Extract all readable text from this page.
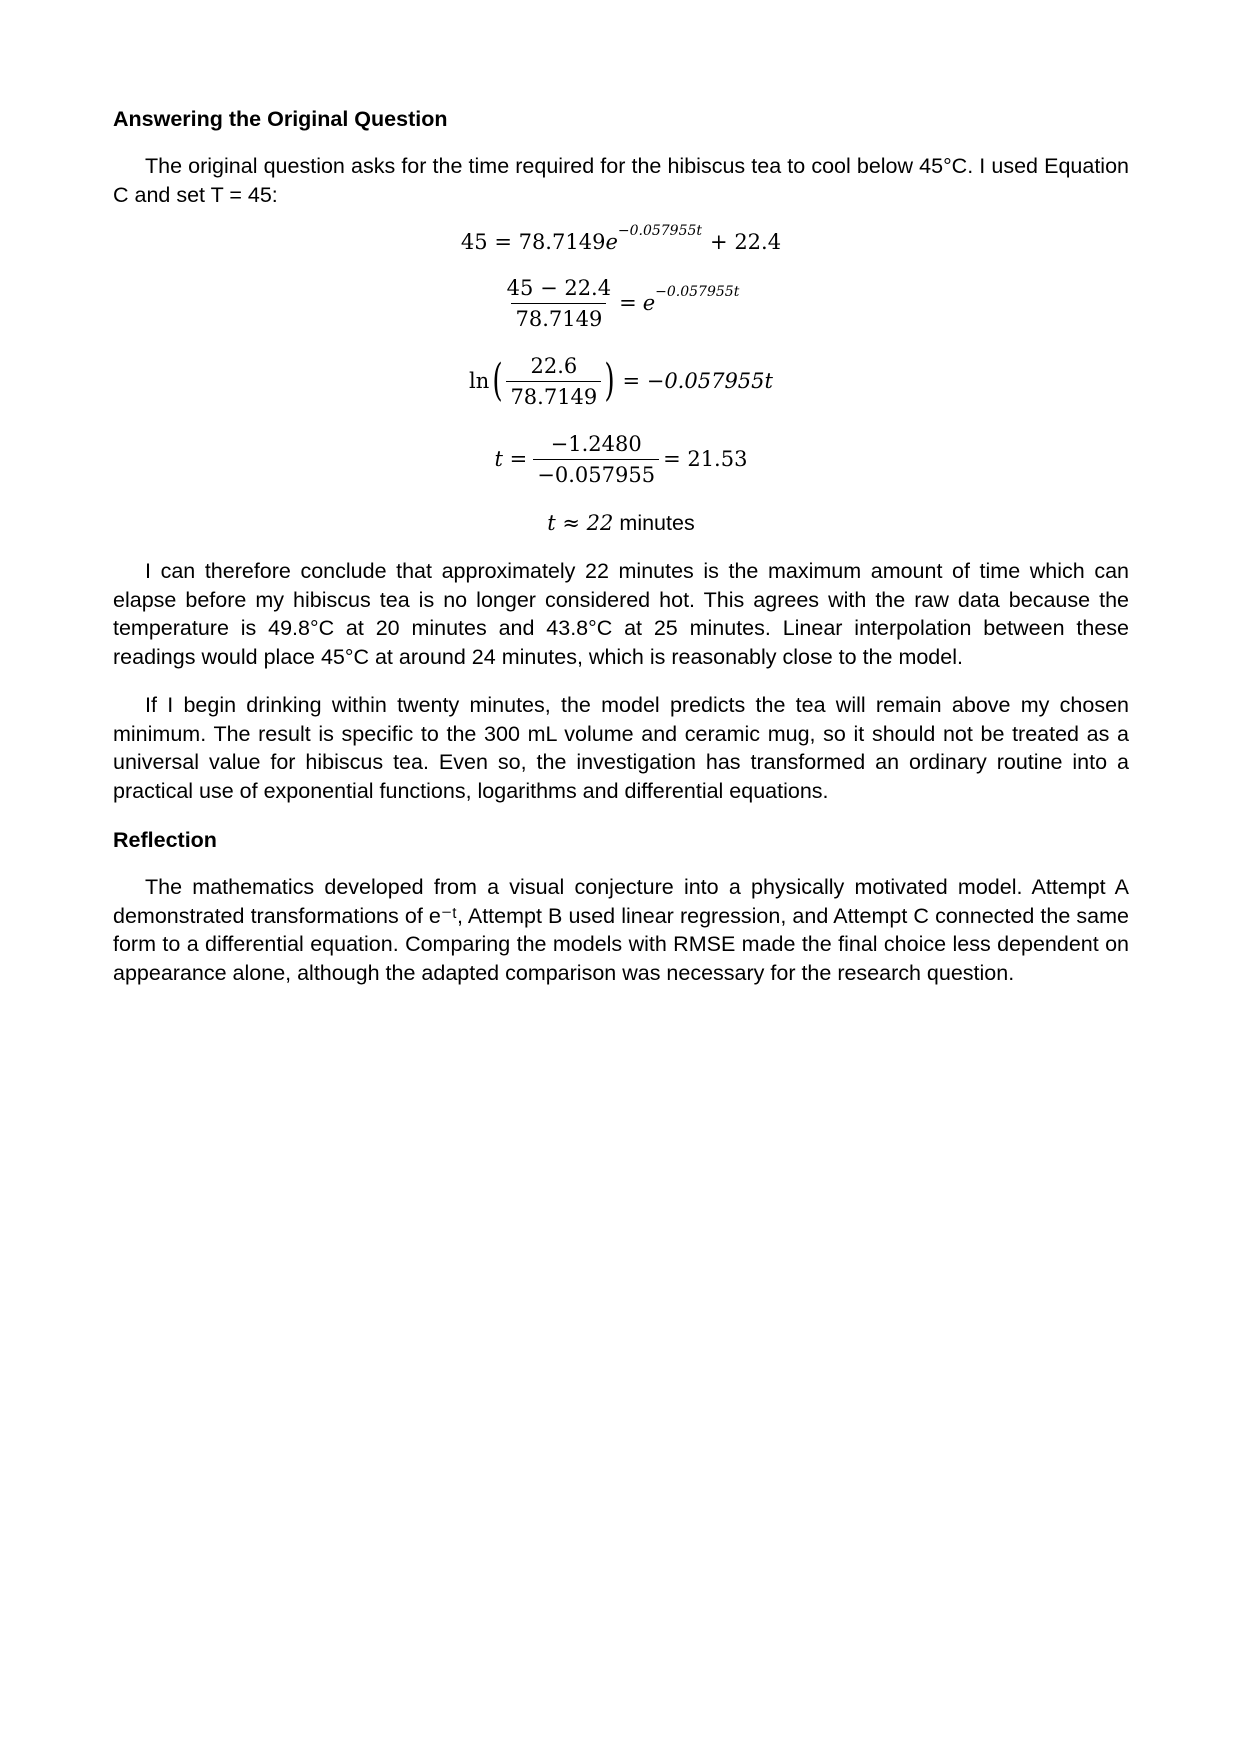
Answering the Original Question

The original question asks for the time required for the hibiscus tea to cool below 45°C. I used Equation C and set T = 45:

45 = 78.7149 e −0.057955t + 22.4
$\frac{45 - 22.4}{78.7149} = e -0.057955t$
ln ( $\frac{22.6}{78.7149}$ ) = −0.057955t
$t = \frac{-1.2480}{-0.057955} = 21.53$
t ≈ 22 minutes

I can therefore conclude that approximately 22 minutes is the maximum amount of time which can elapse before my hibiscus tea is no longer considered hot. This agrees with the raw data because the temperature is 49.8°C at 20 minutes and 43.8°C at 25 minutes. Linear interpolation between these readings would place 45°C at around 24 minutes, which is reasonably close to the model.

If I begin drinking within twenty minutes, the model predicts the tea will remain above my chosen minimum. The result is specific to the 300 mL volume and ceramic mug, so it should not be treated as a universal value for hibiscus tea. Even so, the investigation has transformed an ordinary routine into a practical use of exponential functions, logarithms and differential equations.

Reflection

The mathematics developed from a visual conjecture into a physically motivated model. Attempt A demonstrated transformations of e⁻ᵗ, Attempt B used linear regression, and Attempt C connected the same form to a differential equation. Comparing the models with RMSE made the final choice less dependent on appearance alone, although the adapted comparison was necessary for the research question.
